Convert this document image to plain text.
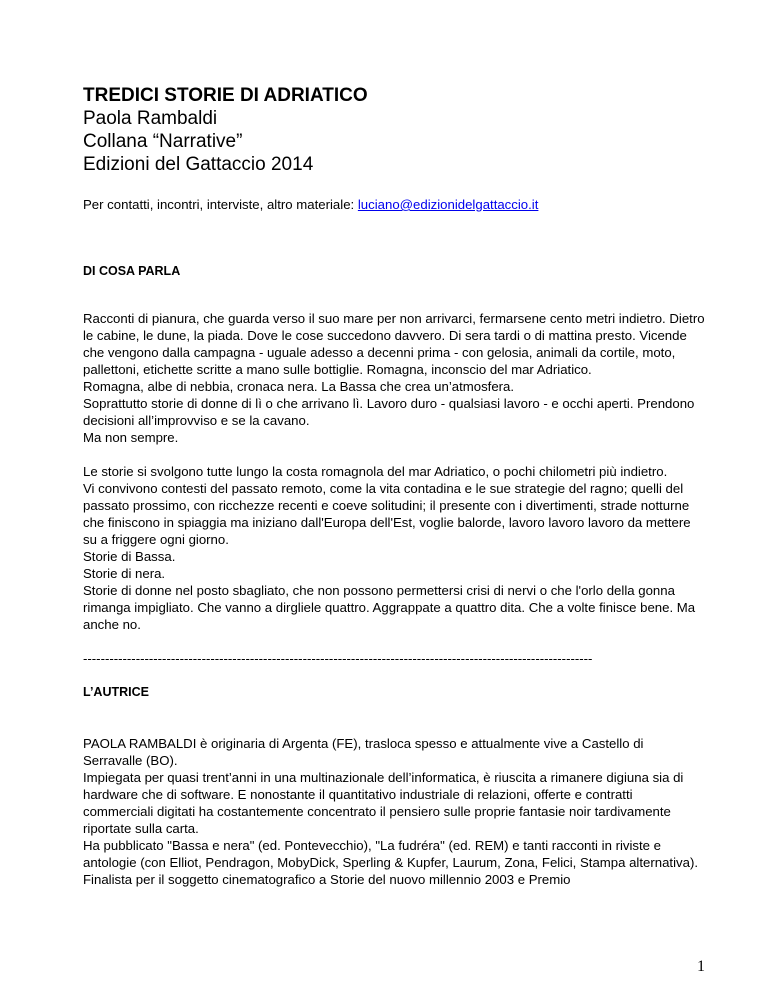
TREDICI STORIE DI ADRIATICO

Paola Rambaldi

Collana “Narrative”

Edizioni del Gattaccio 2014

Per contatti, incontri, interviste, altro materiale: luciano@edizionidelgattaccio.it
DI COSA PARLA

Racconti di pianura, che guarda verso il suo mare per non arrivarci, fermarsene cento metri indietro. Dietro le cabine, le dune, la piada. Dove le cose succedono davvero. Di sera tardi o di mattina presto. Vicende che vengono dalla campagna - uguale adesso a decenni prima - con gelosia, animali da cortile, moto, pallettoni, etichette scritte a mano sulle bottiglie. Romagna, inconscio del mar Adriatico.

Romagna, albe di nebbia, cronaca nera. La Bassa che crea un’atmosfera.

Soprattutto storie di donne di lì o che arrivano lì. Lavoro duro - qualsiasi lavoro - e occhi aperti. Prendono decisioni all’improvviso e se la cavano.

Ma non sempre.

Le storie si svolgono tutte lungo la costa romagnola del mar Adriatico, o pochi chilometri più indietro.

Vi convivono contesti del passato remoto, come la vita contadina e le sue strategie del ragno; quelli del passato prossimo, con ricchezze recenti e coeve solitudini; il presente con i divertimenti, strade notturne che finiscono in spiaggia ma iniziano dall'Europa dell'Est, voglie balorde, lavoro lavoro lavoro da mettere su a friggere ogni giorno.

Storie di Bassa.

Storie di nera.

Storie di donne nel posto sbagliato, che non possono permettersi crisi di nervi o che l'orlo della gonna rimanga impigliato. Che vanno a dirgliele quattro. Aggrappate a quattro dita. Che a volte finisce bene. Ma anche no.

--------------------------------------------------------------------------------------------------------------------
L’AUTRICE

PAOLA RAMBALDI è originaria di Argenta (FE), trasloca spesso e attualmente vive a Castello di Serravalle (BO).

Impiegata per quasi trent’anni in una multinazionale dell’informatica, è riuscita a rimanere digiuna sia di hardware che di software. E nonostante il quantitativo industriale di relazioni, offerte e contratti commerciali digitati ha costantemente concentrato il pensiero sulle proprie fantasie noir tardivamente riportate sulla carta.

Ha pubblicato "Bassa e nera" (ed. Pontevecchio), "La fudréra" (ed. REM) e tanti racconti in riviste e antologie (con Elliot, Pendragon, MobyDick, Sperling & Kupfer, Laurum, Zona, Felici, Stampa alternativa).

Finalista per il soggetto cinematografico a Storie del nuovo millennio 2003 e Premio

1
